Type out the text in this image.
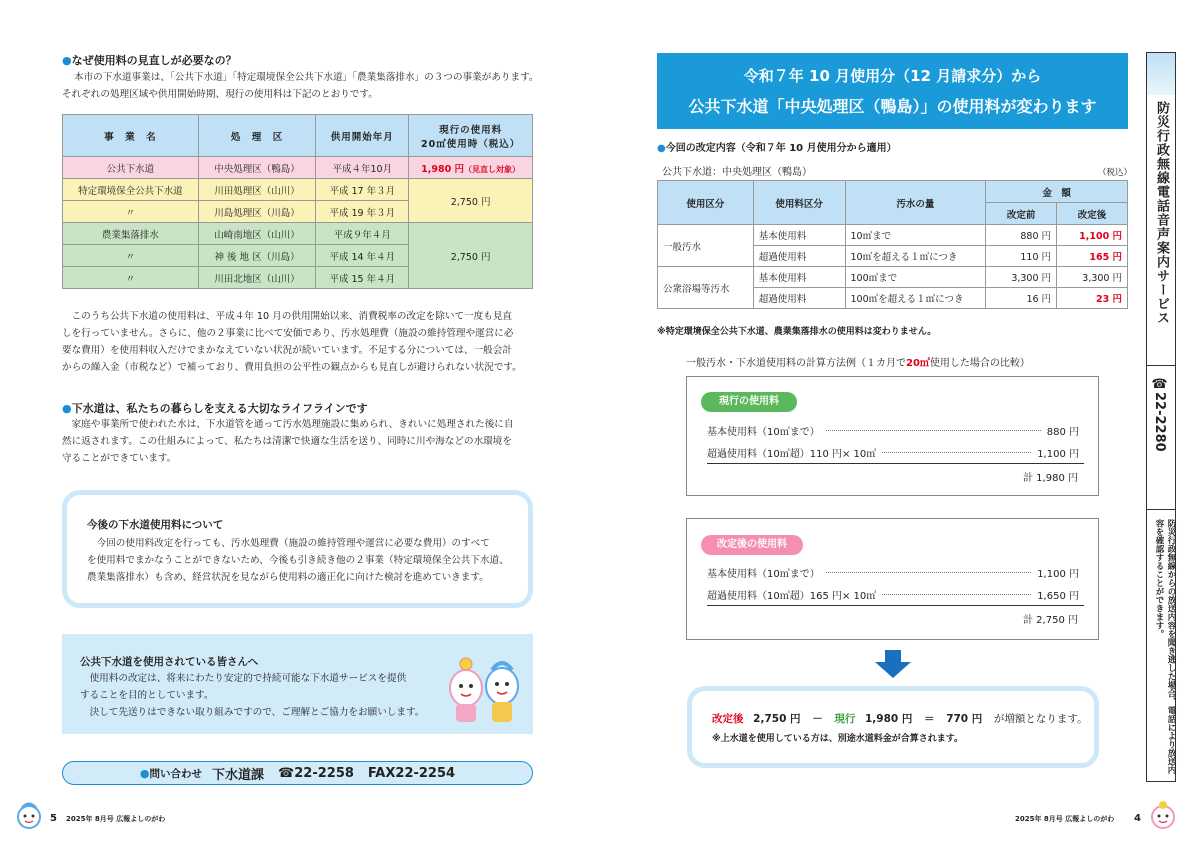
●なぜ使用料の見直しが必要なの？
本市の下水道事業は、「公共下水道」「特定環境保全公共下水道」「農業集落排水」の３つの事業があります。
それぞれの処理区域や供用開始時期、現行の使用料は下記のとおりです。
事　業　名	処　理　区	供用開始年月	現行の使用料
20㎥使用時（税込）

公共下水道	中央処理区（鴨島）	平成４年10月	1,980 円（見直し対象）
特定環境保全公共下水道	川田処理区（山川）	平成 17 年３月	2,750 円
〃	川島処理区（川島）	平成 19 年３月	
農業集落排水	山崎南地区（山川）	平成９年４月	2,750 円
〃	神 後 地 区（川島）	平成 14 年４月	
〃	川田北地区（山川）	平成 15 年４月	
　このうち公共下水道の使用料は、平成４年 10 月の供用開始以来、消費税率の改定を除いて一度も見直
しを行っていません。さらに、他の２事業に比べて安価であり、汚水処理費（施設の維持管理や運営に必
要な費用）を使用料収入だけでまかなえていない状況が続いています。不足する分については、一般会計
からの繰入金（市税など）で補っており、費用負担の公平性の観点からも見直しが避けられない状況です。
●下水道は、私たちの暮らしを支える大切なライフラインです
　家庭や事業所で使われた水は、下水道管を通って汚水処理施設に集められ、きれいに処理された後に自
然に返されます。この仕組みによって、私たちは清潔で快適な生活を送り、同時に川や海などの水環境を
守ることができています。
今後の下水道使用料について
　今回の使用料改定を行っても、汚水処理費（施設の維持管理や運営に必要な費用）のすべて
を使用料でまかなうことができないため、今後も引き続き他の２事業（特定環境保全公共下水道、
農業集落排水）も含め、経営状況を見ながら使用料の適正化に向けた検討を進めていきます。
公共下水道を使用されている皆さんへ
　使用料の改定は、将来にわたり安定的で持続可能な下水道サービスを提供
することを目的としています。
　決して先送りはできない取り組みですので、ご理解とご協力をお願いします。
● 問い合わせ 下水道課 ☎22-2258 FAX22-2254
5 2025年 8月号 広報よしのがわ
令和７年 10 月使用分（12 月請求分）から
公共下水道「中央処理区（鴨島）」の使用料が変わります
●今回の改定内容（令和７年 10 月使用分から適用）
公共下水道：中央処理区（鴨島）	（税込）
使用区分	使用料区分	汚水の量	金　額	
			改定前	改定後
一般汚水	基本使用料	10㎥まで	880 円	1,100 円
	超過使用料	10㎥を超える１㎥につき	110 円	165 円
公衆浴場等汚水	基本使用料	100㎥まで	3,300 円	3,300 円
	超過使用料	100㎥を超える１㎥につき	16 円	23 円
※特定環境保全公共下水道、農業集落排水の使用料は変わりません。
一般汚水・下水道使用料の計算方法例（１カ月で20㎥使用した場合の比較）
現行の使用料
基本使用料（10㎥まで）	880 円
超過使用料（10㎥超）110 円× 10㎥	1,100 円
計 1,980 円
改定後の使用料
基本使用料（10㎥まで）	1,100 円
超過使用料（10㎥超）165 円× 10㎥	1,650 円
計 2,750 円
改定後 2,750 円 － 現行 1,980 円 ＝ 770 円 が増額となります。
※上水道を使用している方は、別途水道料金が合算されます。
防災行政無線電話音声案内サービス
☎22-2280
防災行政無線からの放送内容を聞き逃した場合、電話により放送内容を確認することができます。
2025年 8月号 広報よしのがわ 4
